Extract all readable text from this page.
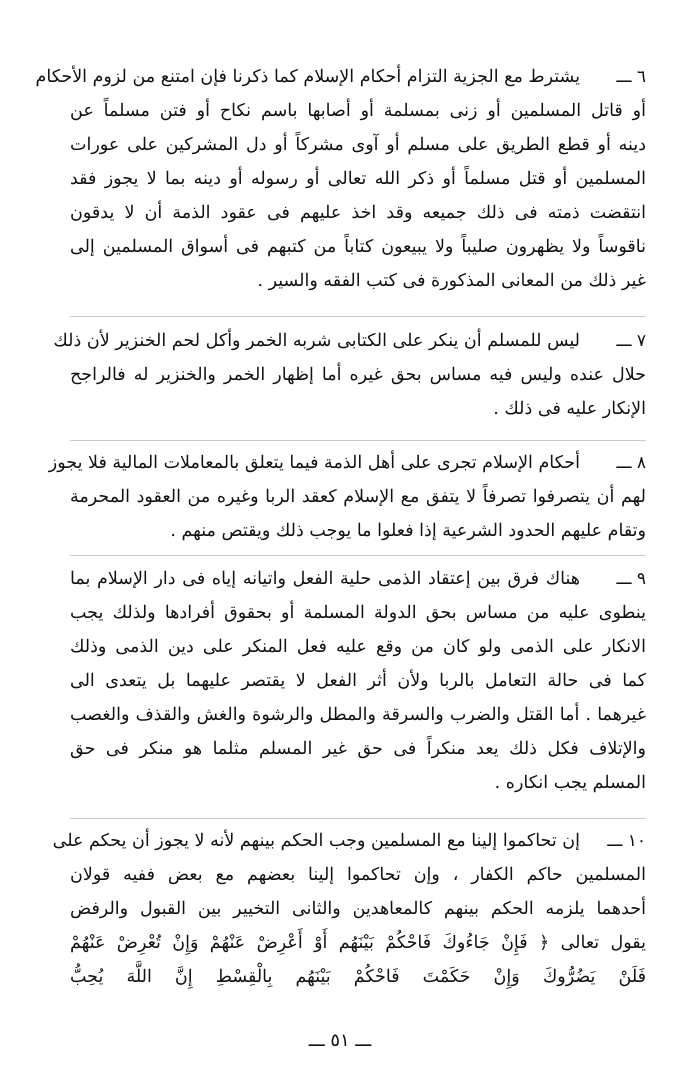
٦ ـــ
يشترط مع الجزية التزام أحكام الإسلام كما ذكرنا فإن امتنع من لزوم الأحكام
أو قاتل المسلمين أو زنى بمسلمة أو أصابها باسم نكاح أو فتن مسلماً عن
دينه أو قطع الطريق على مسلم أو آوى مشركاً أو دل المشركين على عورات
المسلمين أو قتل مسلماً أو ذكر الله تعالى أو رسوله أو دينه بما لا يجوز فقد
انتقضت ذمته فى ذلك جميعه وقد اخذ عليهم فى عقود الذمة أن لا يدقون
ناقوساً ولا يظهرون صليباً ولا يبيعون كتاباً من كتبهم فى أسواق المسلمين إلى
غير ذلك من المعانى المذكورة فى كتب الفقه والسير .
٧ ـــ
ليس للمسلم أن ينكر على الكتابى شربه الخمر وأكل لحم الخنزير لأن ذلك
حلال عنده وليس فيه مساس بحق غيره أما إظهار الخمر والخنزير له فالراجح
الإنكار عليه فى ذلك .
٨ ـــ
أحكام الإسلام تجرى على أهل الذمة فيما يتعلق بالمعاملات المالية فلا يجوز
لهم أن يتصرفوا تصرفاً لا يتفق مع الإسلام كعقد الربا وغيره من العقود المحرمة
وتقام عليهم الحدود الشرعية إذا فعلوا ما يوجب ذلك ويقتص منهم .
٩ ـــ
هناك فرق بين إعتقاد الذمى حلية الفعل واتيانه إياه فى دار الإسلام بما
ينطوى عليه من مساس بحق الدولة المسلمة أو بحقوق أفرادها ولذلك يجب
الانكار على الذمى ولو كان من وقع عليه فعل المنكر على دين الذمى وذلك
كما فى حالة التعامل بالربا ولأن أثر الفعل لا يقتصر عليهما بل يتعدى الى
غيرهما . أما القتل والضرب والسرقة والمطل والرشوة والغش والقذف والغصب
والإتلاف فكل ذلك يعد منكراً فى حق غير المسلم مثلما هو منكر فى حق
المسلم يجب انكاره .
١٠ ـــ
إن تحاكموا إلينا مع المسلمين وجب الحكم بينهم لأنه لا يجوز أن يحكم على
المسلمين حاكم الكفار ، وإن تحاكموا إلينا بعضهم مع بعض ففيه قولان
أحدهما يلزمه الحكم بينهم كالمعاهدين والثانى التخيير بين القبول والرفض
يقول تعالى ﴿ فَإِنْ جَاءُوكَ فَاحْكُمْ بَيْنَهُم أَوْ أَعْرِضْ عَنْهُمْ وَإِنْ تُعْرِضْ عَنْهُمْ
فَلَنْ يَضُرُّوكَ وَإِنْ حَكَمْتَ فَاحْكُمْ بَيْنَهُم بِالْقِسْطِ إِنَّ اللَّهَ يُحِبُّ
ـــ ٥١ ـــ
